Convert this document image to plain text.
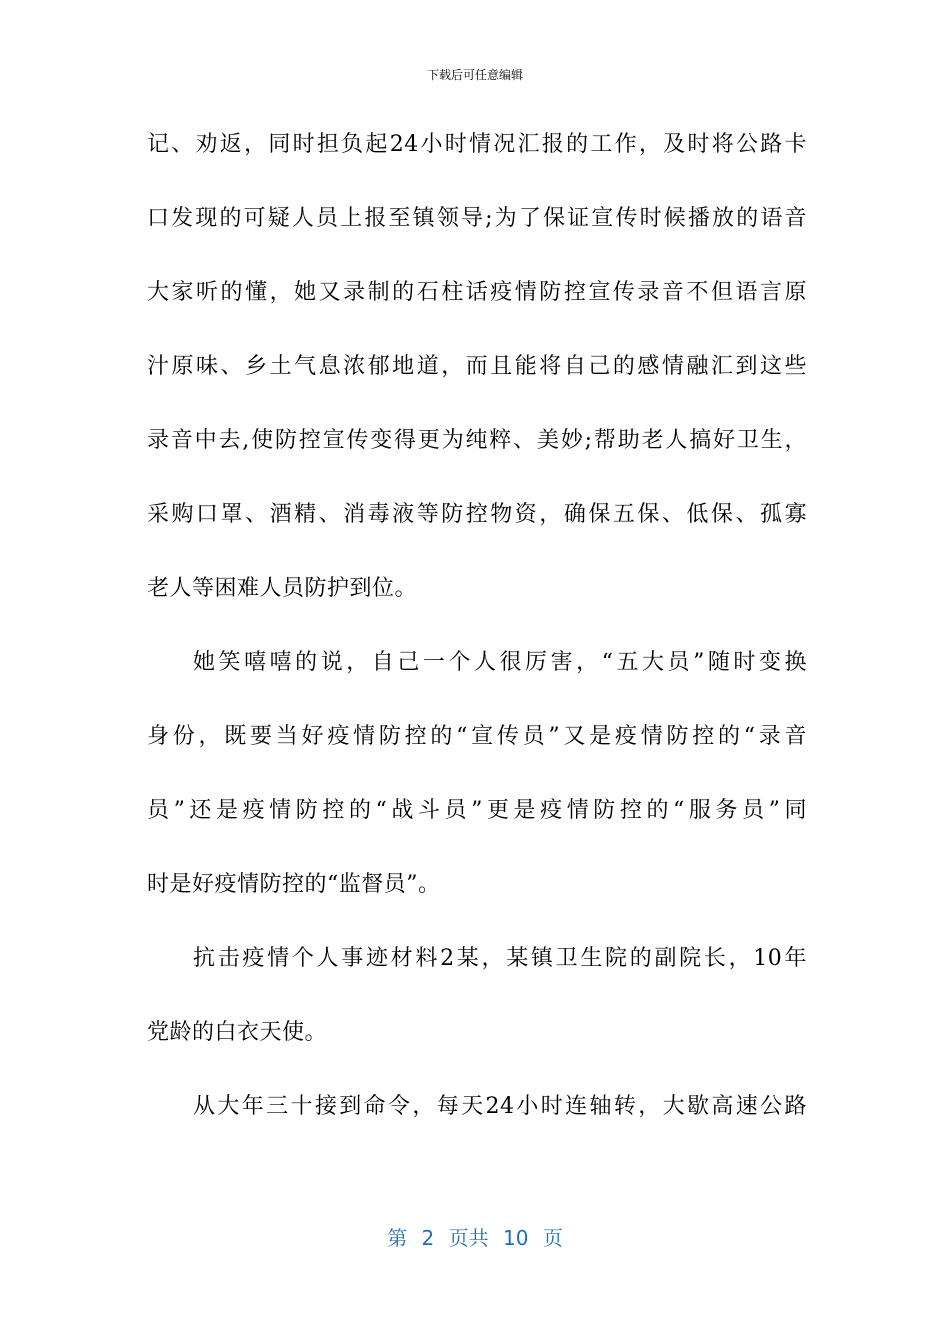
下载后可任意编辑
记、劝返，同时担负起24小时情况汇报的工作，及时将公路卡
口发现的可疑人员上报至镇领导;为了保证宣传时候播放的语音
大家听的懂，她又录制的石柱话疫情防控宣传录音不但语言原
汁原味、乡土气息浓郁地道，而且能将自己的感情融汇到这些
录音中去,使防控宣传变得更为纯粹、美妙;帮助老人搞好卫生，
采购口罩、酒精、消毒液等防控物资，确保五保、低保、孤寡
老人等困难人员防护到位。
她笑嘻嘻的说，自己一个人很厉害，“五大员”随时变换
身份，既要当好疫情防控的“宣传员”又是疫情防控的“录音
员”还是疫情防控的“战斗员”更是疫情防控的“服务员”同
时是好疫情防控的“监督员”。
抗击疫情个人事迹材料2某，某镇卫生院的副院长，10年
党龄的白衣天使。
从大年三十接到命令，每天24小时连轴转，大歇高速公路
第 2 页共 10 页
